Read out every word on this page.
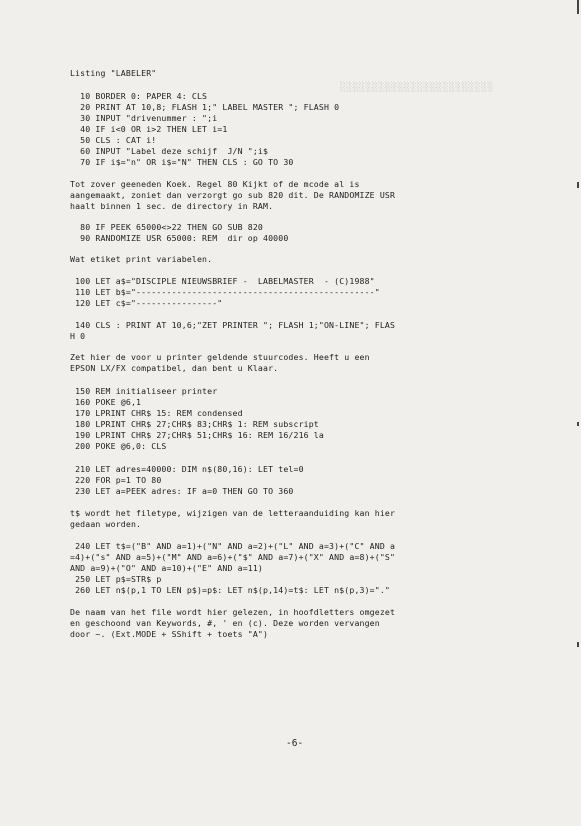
░░░░░░░░░░░░░░░░░░░░░░░░
Listing "LABELER"
10 BORDER 0: PAPER 4: CLS
20 PRINT AT 10,8; FLASH 1;" LABEL MASTER "; FLASH 0
30 INPUT "drivenummer : ";i
40 IF i<0 OR i>2 THEN LET i=1
50 CLS : CAT i!
60 INPUT "Label deze schijf  J/N ";i$
70 IF i$="n" OR i$="N" THEN CLS : GO TO 30
Tot zover geeneden Koek. Regel 80 Kijkt of de mcode al is
aangemaakt, zoniet dan verzorgt go sub 820 dit. De RANDOMIZE USR
haalt binnen 1 sec. de directory in RAM.
80 IF PEEK 65000<>22 THEN GO SUB 820
90 RANDOMIZE USR 65000: REM  dir op 40000
Wat etiket print variabelen.
100 LET a$="DISCIPLE NIEUWSBRIEF -  LABELMASTER  - (C)1988"
110 LET b$="-----------------------------------------------"
120 LET c$="----------------"
140 CLS : PRINT AT 10,6;"ZET PRINTER "; FLASH 1;"ON-LINE"; FLAS
H 0
Zet hier de voor u printer geldende stuurcodes. Heeft u een
EPSON LX/FX compatibel, dan bent u Klaar.
150 REM initialiseer printer
160 POKE @6,1
170 LPRINT CHR$ 15: REM condensed
180 LPRINT CHR$ 27;CHR$ 83;CHR$ 1: REM subscript
190 LPRINT CHR$ 27;CHR$ 51;CHR$ 16: REM 16/216 la
200 POKE @6,0: CLS
210 LET adres=40000: DIM n$(80,16): LET tel=0
220 FOR p=1 TO 80
230 LET a=PEEK adres: IF a=0 THEN GO TO 360
t$ wordt het filetype, wijzigen van de letteraanduiding kan hier
gedaan worden.
240 LET t$=("B" AND a=1)+("N" AND a=2)+("L" AND a=3)+("C" AND a
=4)+("s" AND a=5)+("M" AND a=6)+("$" AND a=7)+("X" AND a=8)+("S"
AND a=9)+("O" AND a=10)+("E" AND a=11)
250 LET p$=STR$ p
260 LET n$(p,1 TO LEN p$)=p$: LET n$(p,14)=t$: LET n$(p,3)="."
De naam van het file wordt hier gelezen, in hoofdletters omgezet
en geschoond van Keywords, #, ' en (c). Deze worden vervangen
door ~. (Ext.MODE + SShift + toets "A")
-6-
